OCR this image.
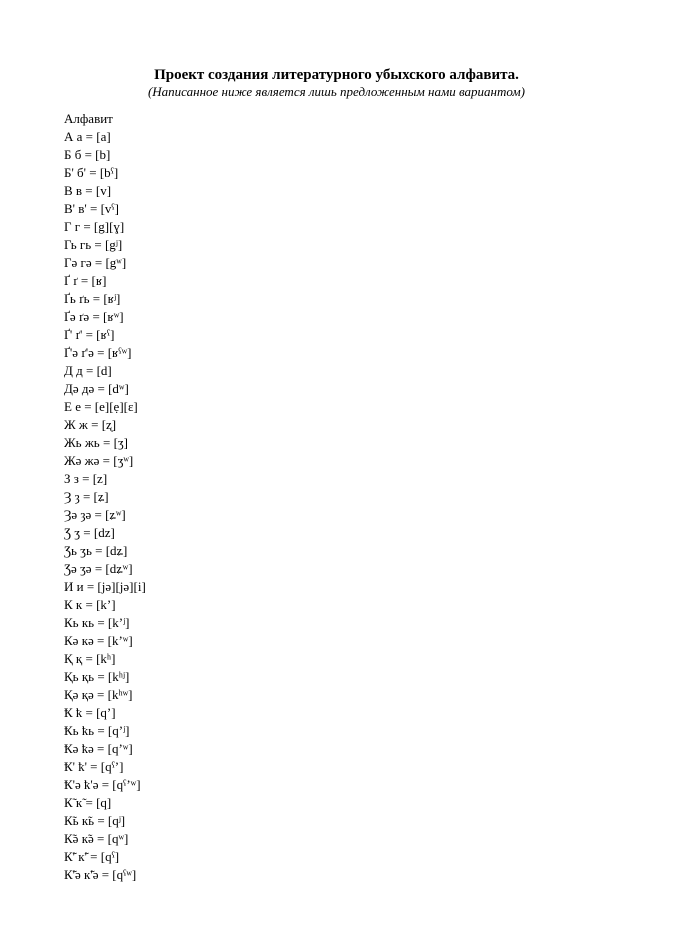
Проект создания литературного убыхского алфавита.
(Написанное ниже является лишь предложенным нами вариантом)
Алфавит
А а = [a]
Б б = [b]
Б' б' = [bˤ]
В в = [v]
В' в' = [vˤ]
Г г = [g][ɣ]
Гь гь = [gʲ]
Гә гә = [gʷ]
Ґ ґ = [ʁ]
Ґь ґь = [ʁʲ]
Ґә ґә = [ʁʷ]
Ґ' ґ' = [ʁˤ]
Ґ'ә ґ'ә = [ʁˤʷ]
Д д = [d]
Дә дә = [dʷ]
Е е = [e][ẹ][ɛ]
Ж ж = [ʐ]
Жь жь = [ʒ]
Жә жә = [ʒʷ]
З з = [z]
Ȝ ȝ = [ʑ]
Ȝә ȝә = [ʑʷ]
Ʒ ʒ = [dz]
Ʒь ʒь = [dʑ]
Ʒә ʒә = [dʑʷ]
И и = [jə][jə][i]
К к = [kʼ]
Кь кь = [kʼʲ]
Кә кә = [kʼʷ]
Қ қ = [kʰ]
Қь қь = [kʰʲ]
Қә қә = [kʰʷ]
Ҟ ҟ = [qʼ]
Ҟь ҟь = [qʼʲ]
Ҟә ҟә = [qʼʷ]
Ҟ' ҟ' = [qˤʼ]
Ҟ'ә ҟ'ә = [qˤʼʷ]
К̃ к̃ = [q]
К̃ь к̃ь = [qʲ]
К̃ә к̃ә = [qʷ]
К̃' к̃' = [qˤ]
К̃'ә к̃'ә = [qˤʷ]
